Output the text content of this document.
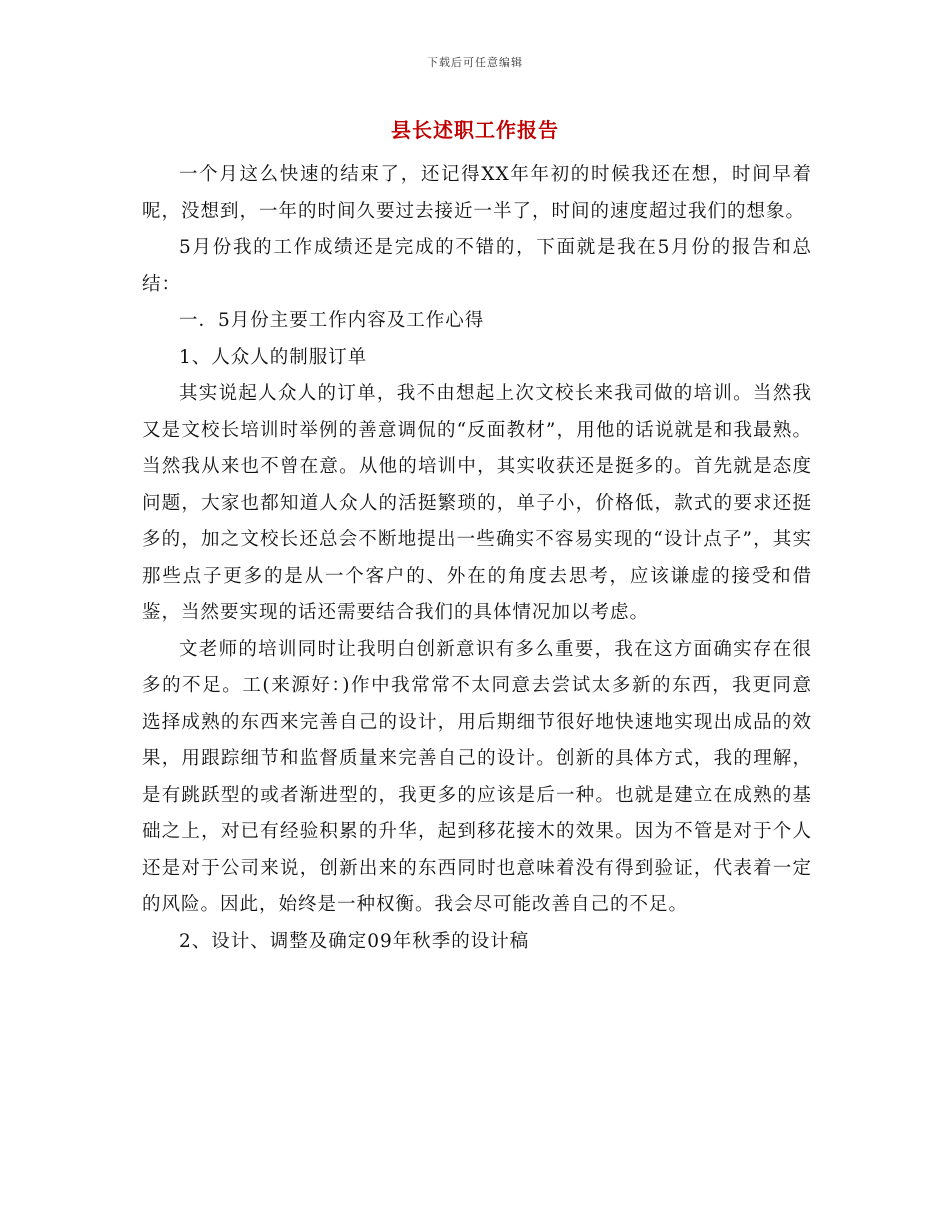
下载后可任意编辑
县长述职工作报告

一个月这么快速的结束了，还记得XX年年初的时候我还在想，时间早着呢，没想到，一年的时间久要过去接近一半了，时间的速度超过我们的想象。

5月份我的工作成绩还是完成的不错的，下面就是我在5月份的报告和总结：

一．5月份主要工作内容及工作心得

1、人众人的制服订单

其实说起人众人的订单，我不由想起上次文校长来我司做的培训。当然我又是文校长培训时举例的善意调侃的“反面教材”，用他的话说就是和我最熟。当然我从来也不曾在意。从他的培训中，其实收获还是挺多的。首先就是态度问题，大家也都知道人众人的活挺繁琐的，单子小，价格低，款式的要求还挺多的，加之文校长还总会不断地提出一些确实不容易实现的“设计点子”，其实那些点子更多的是从一个客户的、外在的角度去思考，应该谦虚的接受和借鉴，当然要实现的话还需要结合我们的具体情况加以考虑。

文老师的培训同时让我明白创新意识有多么重要，我在这方面确实存在很多的不足。工(来源好：)作中我常常不太同意去尝试太多新的东西，我更同意选择成熟的东西来完善自己的设计，用后期细节很好地快速地实现出成品的效果，用跟踪细节和监督质量来完善自己的设计。创新的具体方式，我的理解，是有跳跃型的或者渐进型的，我更多的应该是后一种。也就是建立在成熟的基础之上，对已有经验积累的升华，起到移花接木的效果。因为不管是对于个人还是对于公司来说，创新出来的东西同时也意味着没有得到验证，代表着一定的风险。因此，始终是一种权衡。我会尽可能改善自己的不足。

2、设计、调整及确定09年秋季的设计稿
